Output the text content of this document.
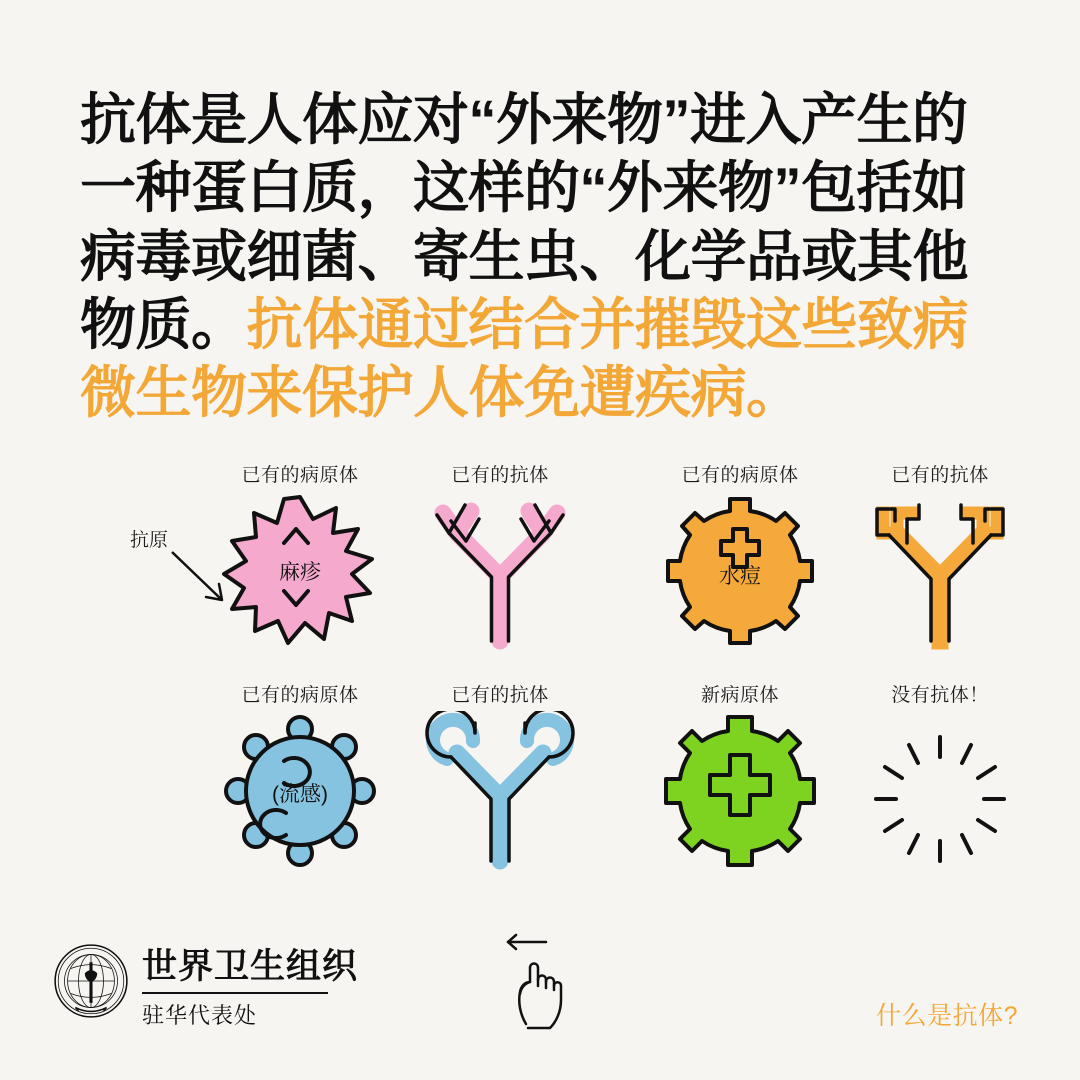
抗体是人体应对“外来物”进入产生的一种蛋白质，这样的“外来物”包括如病毒或细菌、寄生虫、化学品或其他物质。抗体通过结合并摧毁这些致病微生物来保护人体免遭疾病。
抗原
已有的病原体
麻疹
已有的抗体	已有的病原体
水痘
已有的抗体
已有的病原体
(流感)
已有的抗体	新病原体	没有抗体！
世界卫生组织
驻华代表处	什么是抗体?
